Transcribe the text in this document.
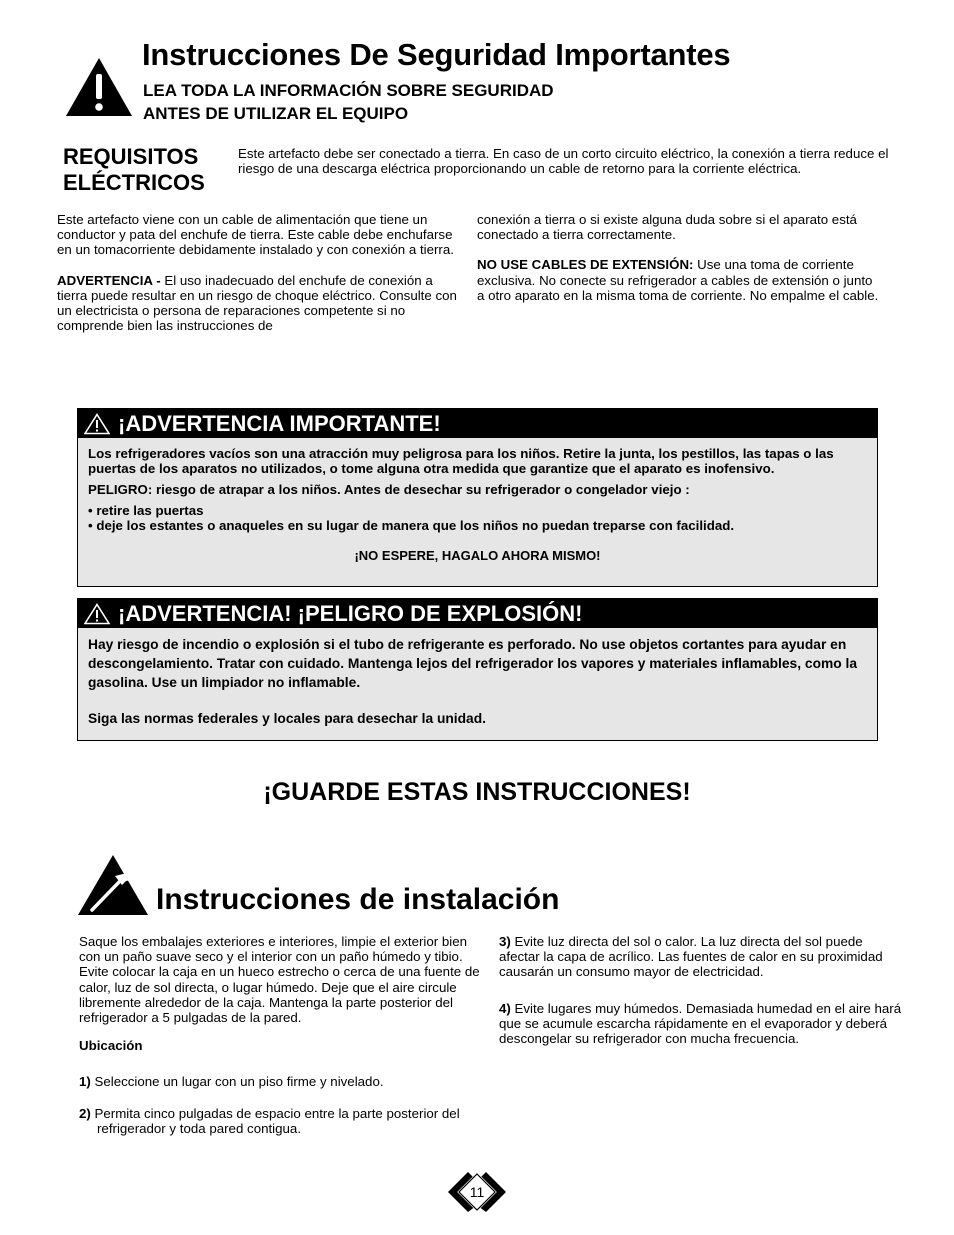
Instrucciones De Seguridad Importantes
LEA TODA LA INFORMACIÓN SOBRE SEGURIDAD
ANTES DE UTILIZAR EL EQUIPO
REQUISITOS
ELÉCTRICOS
Este artefacto debe ser conectado a tierra. En caso de un corto circuito eléctrico, la conexión a tierra reduce el riesgo de una descarga eléctrica proporcionando un cable de retorno para la corriente eléctrica.

Este artefacto viene con un cable de alimentación que tiene un conductor y pata del enchufe de tierra. Este cable debe enchufarse en un tomacorriente debidamente instalado y con conexión a tierra.

ADVERTENCIA - El uso inadecuado del enchufe de conexión a tierra puede resultar en un riesgo de choque eléctrico. Consulte con un electricista o persona de reparaciones competente si no comprende bien las instrucciones de

conexión a tierra o si existe alguna duda sobre si el aparato está conectado a tierra correctamente.

NO USE CABLES DE EXTENSIÓN: Use una toma de corriente exclusiva. No conecte su refrigerador a cables de extensión o junto a otro aparato en la misma toma de corriente. No empalme el cable.

¡ADVERTENCIA IMPORTANTE!

Los refrigeradores vacíos son una atracción muy peligrosa para los niños. Retire la junta, los pestillos, las tapas o las puertas de los aparatos no utilizados, o tome alguna otra medida que garantize que el aparato es inofensivo.

PELIGRO: riesgo de atrapar a los niños. Antes de desechar su refrigerador o congelador viejo :

• retire las puertas

• deje los estantes o anaqueles en su lugar de manera que los niños no puedan treparse con facilidad.

¡NO ESPERE, HAGALO AHORA MISMO!

¡ADVERTENCIA! ¡PELIGRO DE EXPLOSIÓN!

Hay riesgo de incendio o explosión si el tubo de refrigerante es perforado. No use objetos cortantes para ayudar en descongelamiento. Tratar con cuidado. Mantenga lejos del refrigerador los vapores y materiales inflamables, como la gasolina. Use un limpiador no inflamable.

Siga las normas federales y locales para desechar la unidad.

¡GUARDE ESTAS INSTRUCCIONES!
Instrucciones de instalación

Saque los embalajes exteriores e interiores, limpie el exterior bien con un paño suave seco y el interior con un paño húmedo y tibio. Evite colocar la caja en un hueco estrecho o cerca de una fuente de calor, luz de sol directa, o lugar húmedo. Deje que el aire circule libremente alrededor de la caja. Mantenga la parte posterior del refrigerador a 5 pulgadas de la pared.

Ubicación

1) Seleccione un lugar con un piso firme y nivelado.

2) Permita cinco pulgadas de espacio entre la parte posterior del refrigerador y toda pared contigua.

3) Evite luz directa del sol o calor. La luz directa del sol puede afectar la capa de acrílico. Las fuentes de calor en su proximidad causarán un consumo mayor de electricidad.

4) Evite lugares muy húmedos. Demasiada humedad en el aire hará que se acumule escarcha rápidamente en el evaporador y deberá descongelar su refrigerador con mucha frecuencia.

11
